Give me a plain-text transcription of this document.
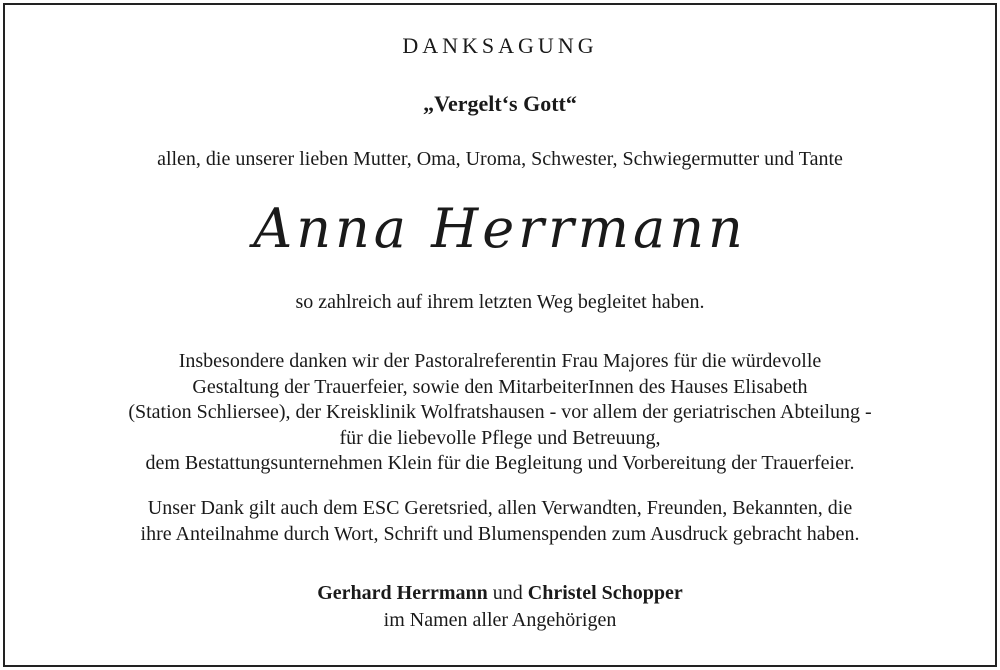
DANKSAGUNG
„Vergelt‘s Gott“
allen, die unserer lieben Mutter, Oma, Uroma, Schwester, Schwiegermutter und Tante
Anna Herrmann
so zahlreich auf ihrem letzten Weg begleitet haben.
Insbesondere danken wir der Pastoralreferentin Frau Majores für die würdevolle
Gestaltung der Trauerfeier, sowie den MitarbeiterInnen des Hauses Elisabeth
(Station Schliersee), der Kreisklinik Wolfratshausen - vor allem der geriatrischen Abteilung -
für die liebevolle Pflege und Betreuung,
dem Bestattungsunternehmen Klein für die Begleitung und Vorbereitung der Trauerfeier.
Unser Dank gilt auch dem ESC Geretsried, allen Verwandten, Freunden, Bekannten, die
ihre Anteilnahme durch Wort, Schrift und Blumenspenden zum Ausdruck gebracht haben.
Gerhard Herrmann und Christel Schopper
im Namen aller Angehörigen
